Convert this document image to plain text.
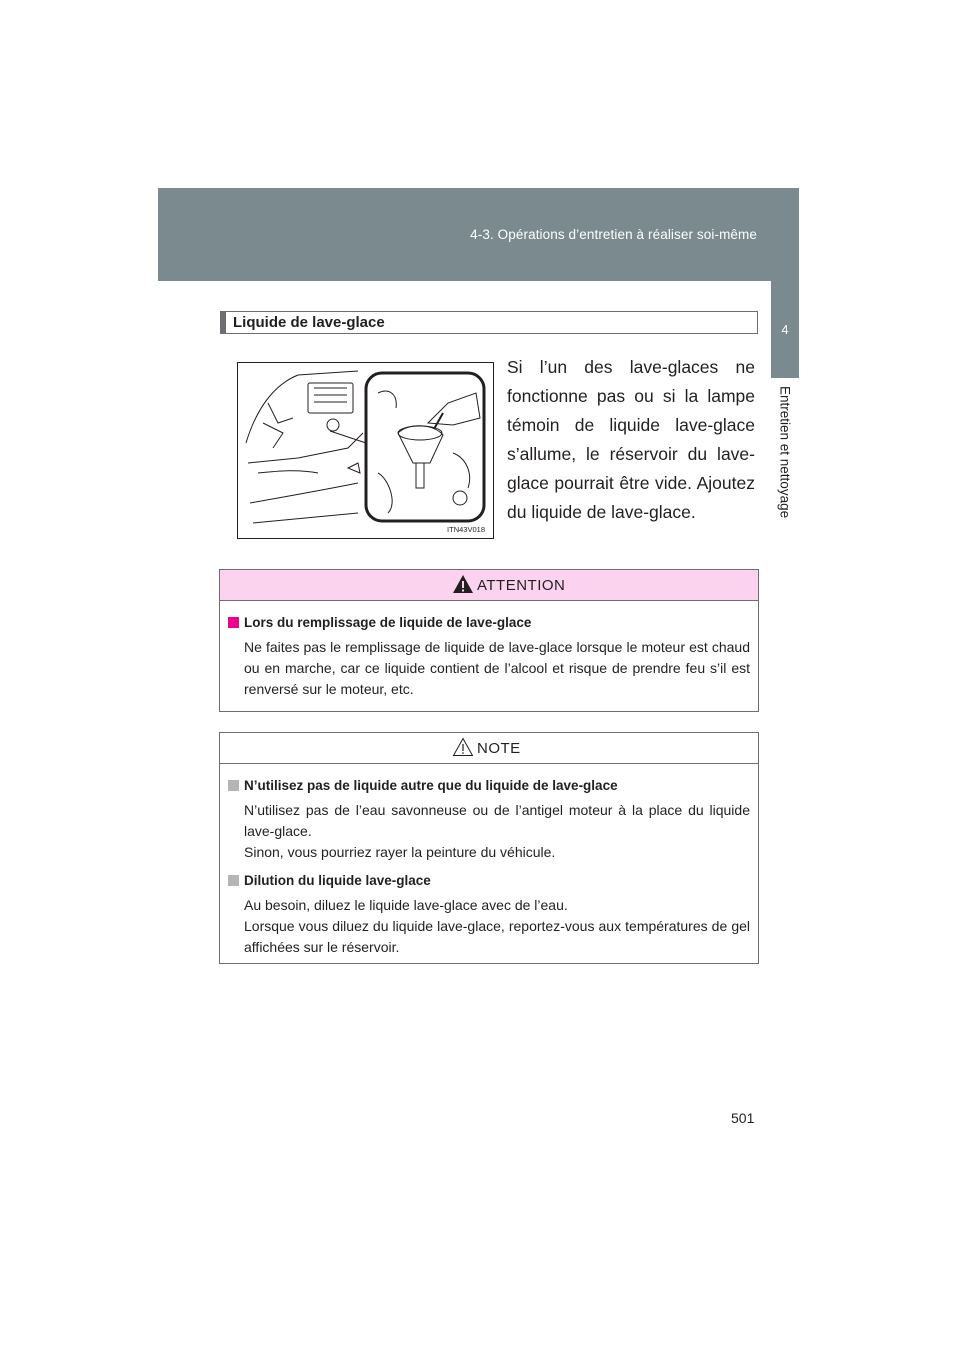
4-3. Opérations d’entretien à réaliser soi-même
4
Entretien et nettoyage
Liquide de lave-glace
ITN43V018
Si l’un des lave-glaces ne fonctionne pas ou si la lampe témoin de liquide lave-glace s’allume, le réservoir du lave-glace pourrait être vide. Ajoutez du liquide de lave-glace.
ATTENTION
Lors du remplissage de liquide de lave-glace

Ne faites pas le remplissage de liquide de lave-glace lorsque le moteur est chaud ou en marche, car ce liquide contient de l’alcool et risque de prendre feu s’il est renversé sur le moteur, etc.

NOTE
N’utilisez pas de liquide autre que du liquide de lave-glace

N’utilisez pas de l’eau savonneuse ou de l’antigel moteur à la place du liquide lave-glace.

Sinon, vous pourriez rayer la peinture du véhicule.

Dilution du liquide lave-glace

Au besoin, diluez le liquide lave-glace avec de l’eau.

Lorsque vous diluez du liquide lave-glace, reportez-vous aux températures de gel affichées sur le réservoir.

501
